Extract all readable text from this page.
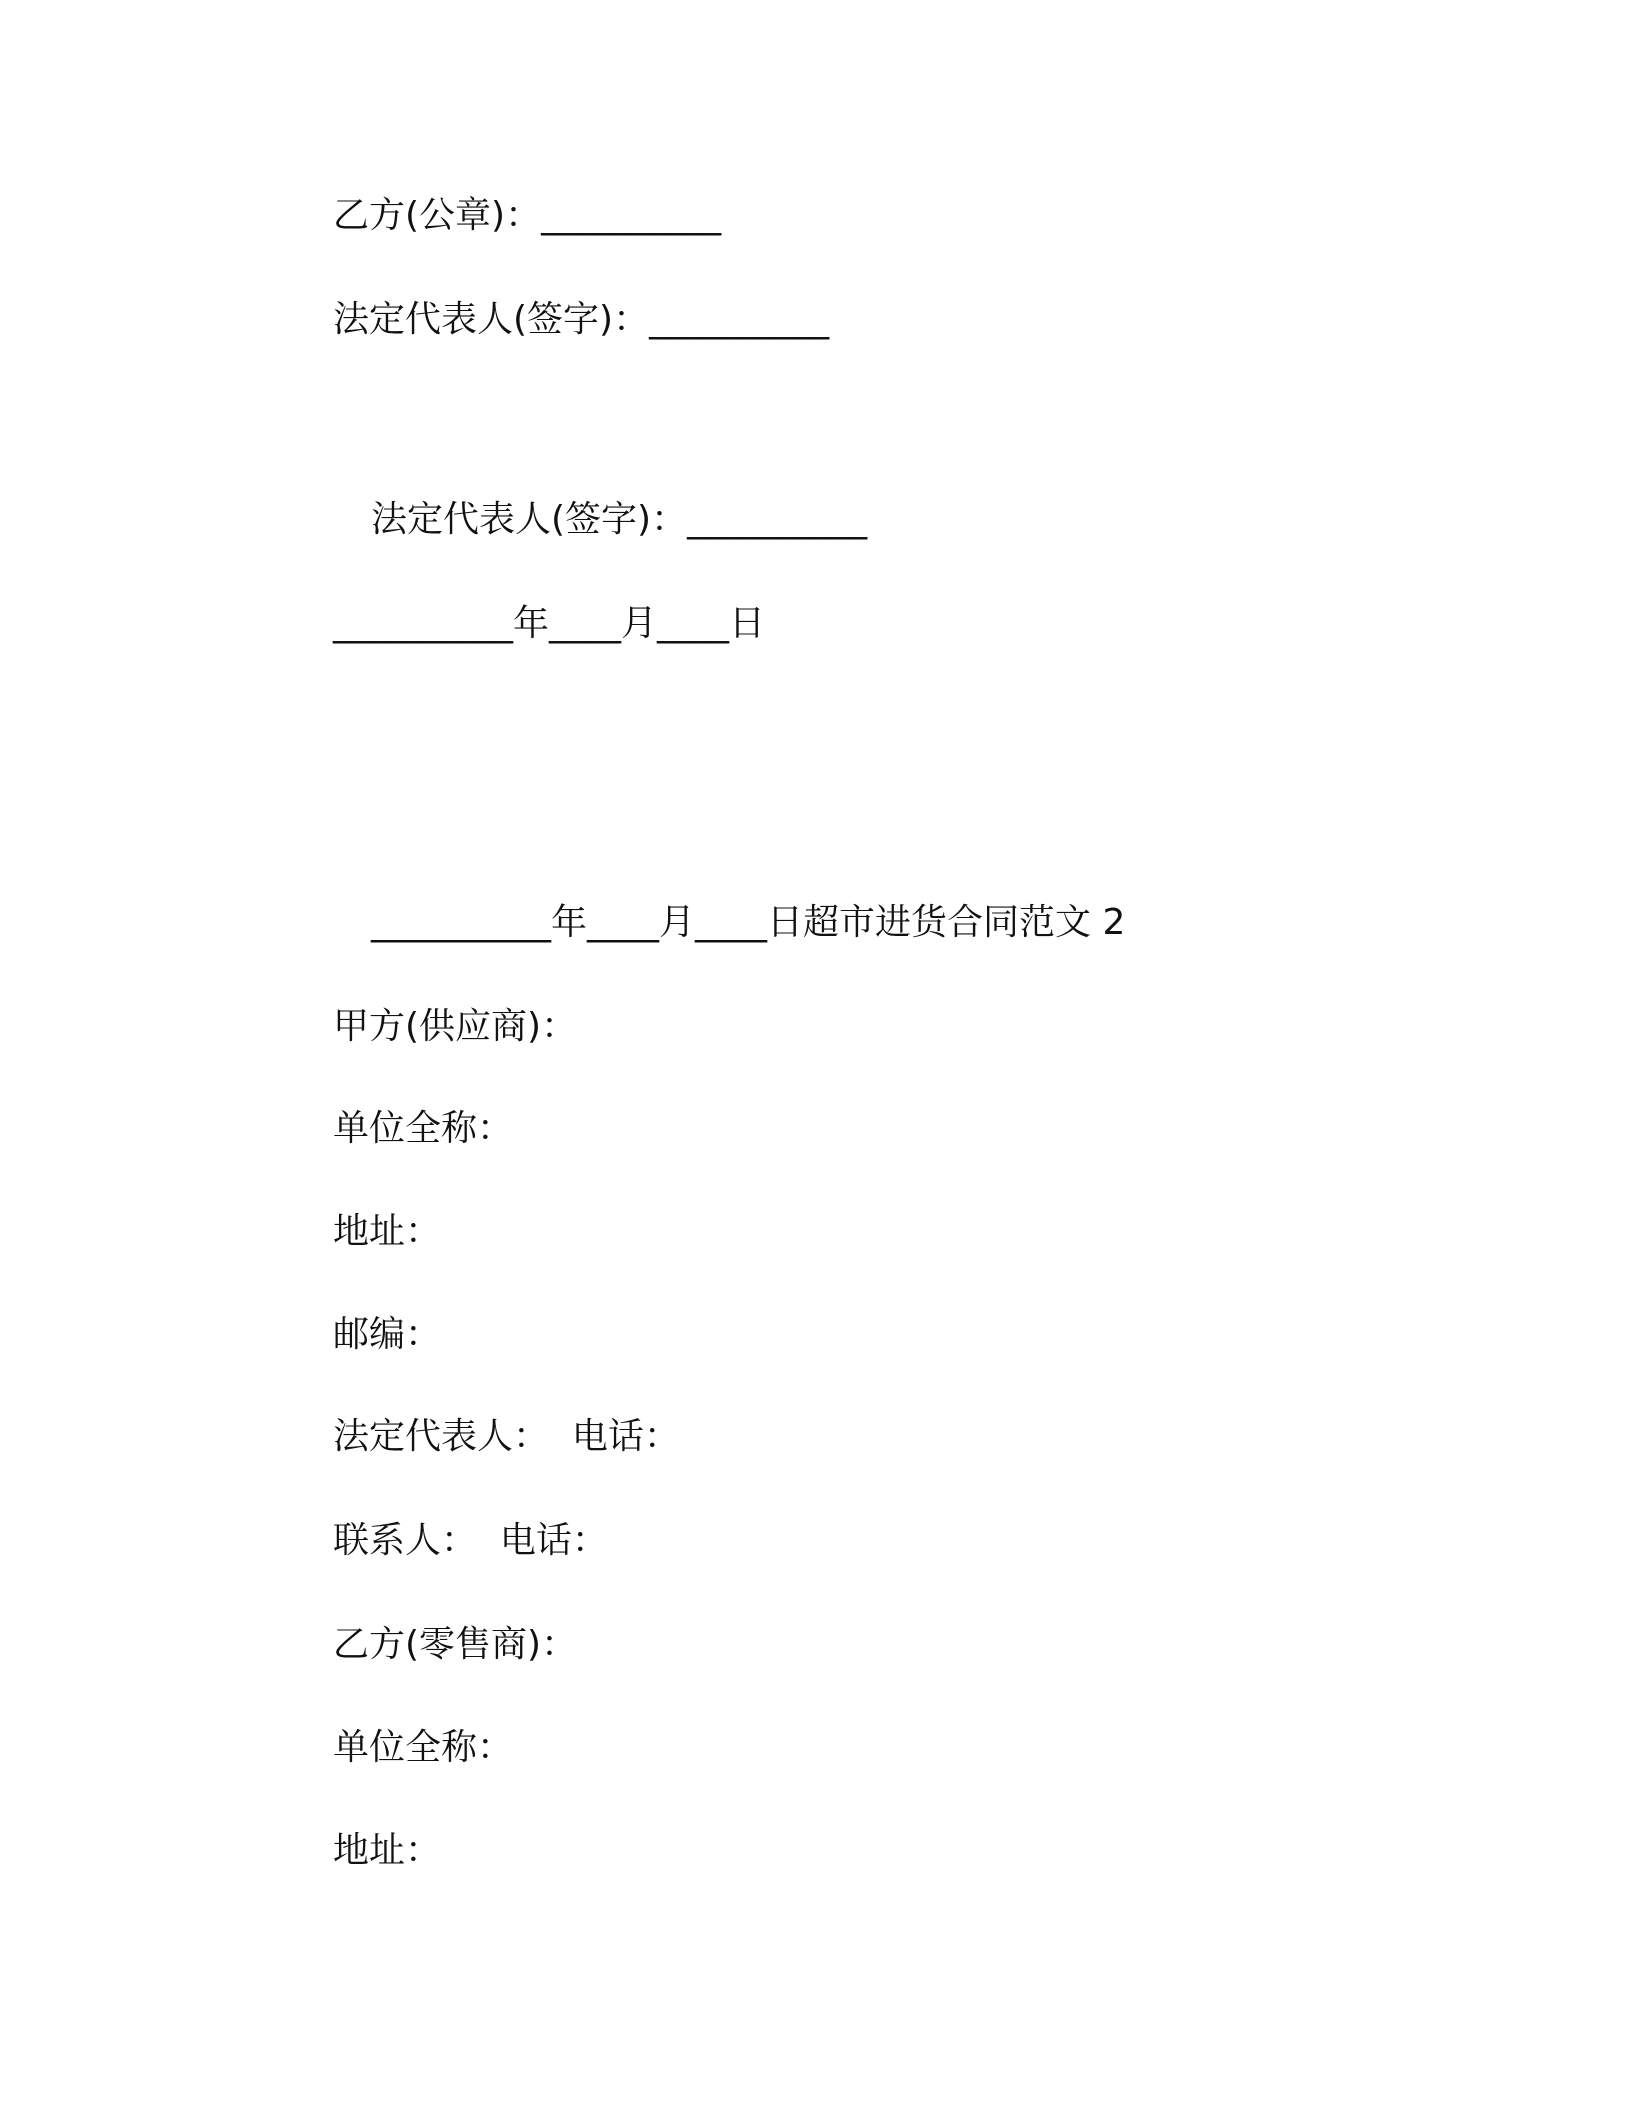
乙方(公章)：__________
法定代表人(签字)：__________
法定代表人(签字)：__________
__________年____月____日
__________年____月____日超市进货合同范文 2
甲方(供应商)：
单位全称：
地址：
邮编：
法定代表人：  电话：
联系人：  电话：
乙方(零售商)：
单位全称：
地址：
